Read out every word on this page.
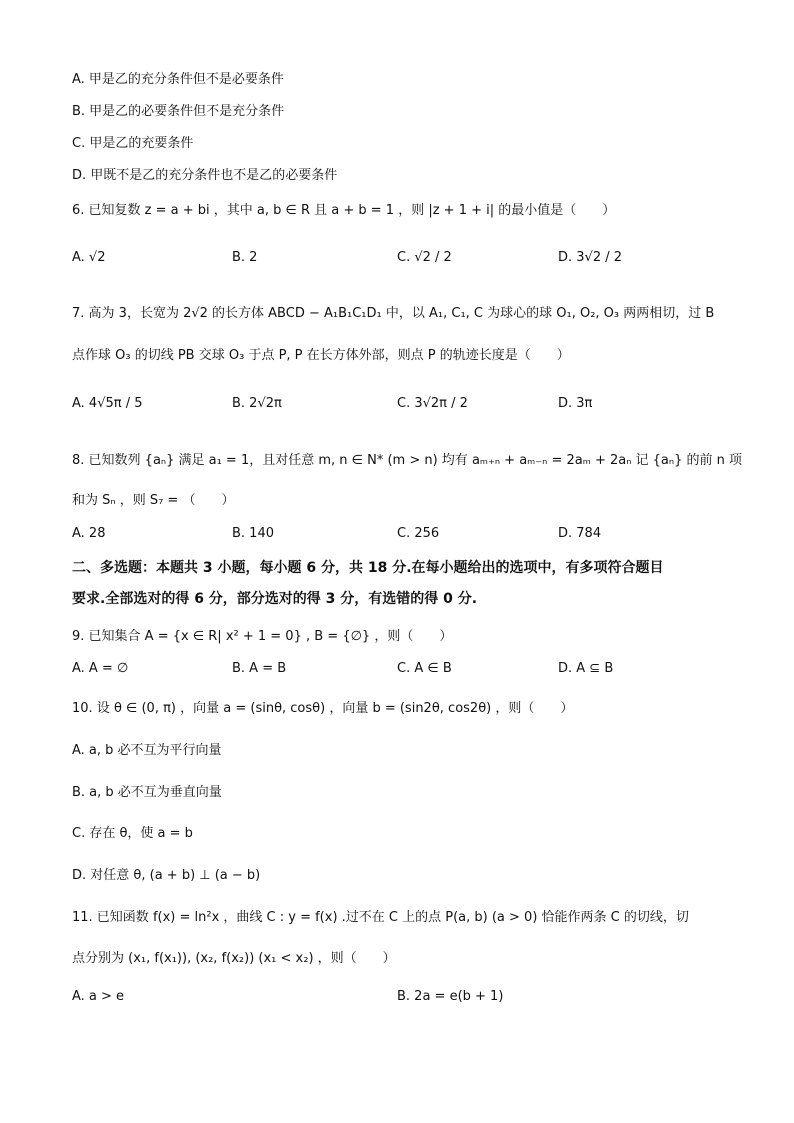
A. 甲是乙的充分条件但不是必要条件
B. 甲是乙的必要条件但不是充分条件
C. 甲是乙的充要条件
D. 甲既不是乙的充分条件也不是乙的必要条件
6. 已知复数 z = a + bi ，其中 a, b ∈ R 且 a + b = 1 ，则 |z + 1 + i| 的最小值是（　　）
A. √2	B. 2	C. √2 / 2	D. 3√2 / 2
7. 高为 3，长宽为 2√2 的长方体 ABCD − A₁B₁C₁D₁ 中，以 A₁, C₁, C 为球心的球 O₁, O₂, O₃ 两两相切，过 B
点作球 O₃ 的切线 PB 交球 O₃ 于点 P, P 在长方体外部，则点 P 的轨迹长度是（　　）
A. 4√5π / 5	B. 2√2π	C. 3√2π / 2	D. 3π
8. 已知数列 {aₙ} 满足 a₁ = 1，且对任意 m, n ∈ N* (m > n) 均有 aₘ₊ₙ + aₘ₋ₙ = 2aₘ + 2aₙ 记 {aₙ} 的前 n 项
和为 Sₙ ，则 S₇ = （　　）
A. 28	B. 140	C. 256	D. 784
二、多选题：本题共 3 小题，每小题 6 分，共 18 分.在每小题给出的选项中，有多项符合题目
要求.全部选对的得 6 分，部分选对的得 3 分，有选错的得 0 分.
9. 已知集合 A = {x ∈ R| x² + 1 = 0} , B = {∅} ，则（　　）
A. A = ∅	B. A = B	C. A ∈ B	D. A ⊆ B
10. 设 θ ∈ (0, π) ，向量 a = (sinθ, cosθ) ，向量 b = (sin2θ, cos2θ) ，则（　　）
A. a, b 必不互为平行向量
B. a, b 必不互为垂直向量
C. 存在 θ，使 a = b
D. 对任意 θ, (a + b) ⊥ (a − b)
11. 已知函数 f(x) = ln²x ，曲线 C : y = f(x) .过不在 C 上的点 P(a, b) (a > 0) 恰能作两条 C 的切线，切
点分别为 (x₁, f(x₁)), (x₂, f(x₂)) (x₁ < x₂) ，则（　　）
A. a > e	B. 2a = e(b + 1)
